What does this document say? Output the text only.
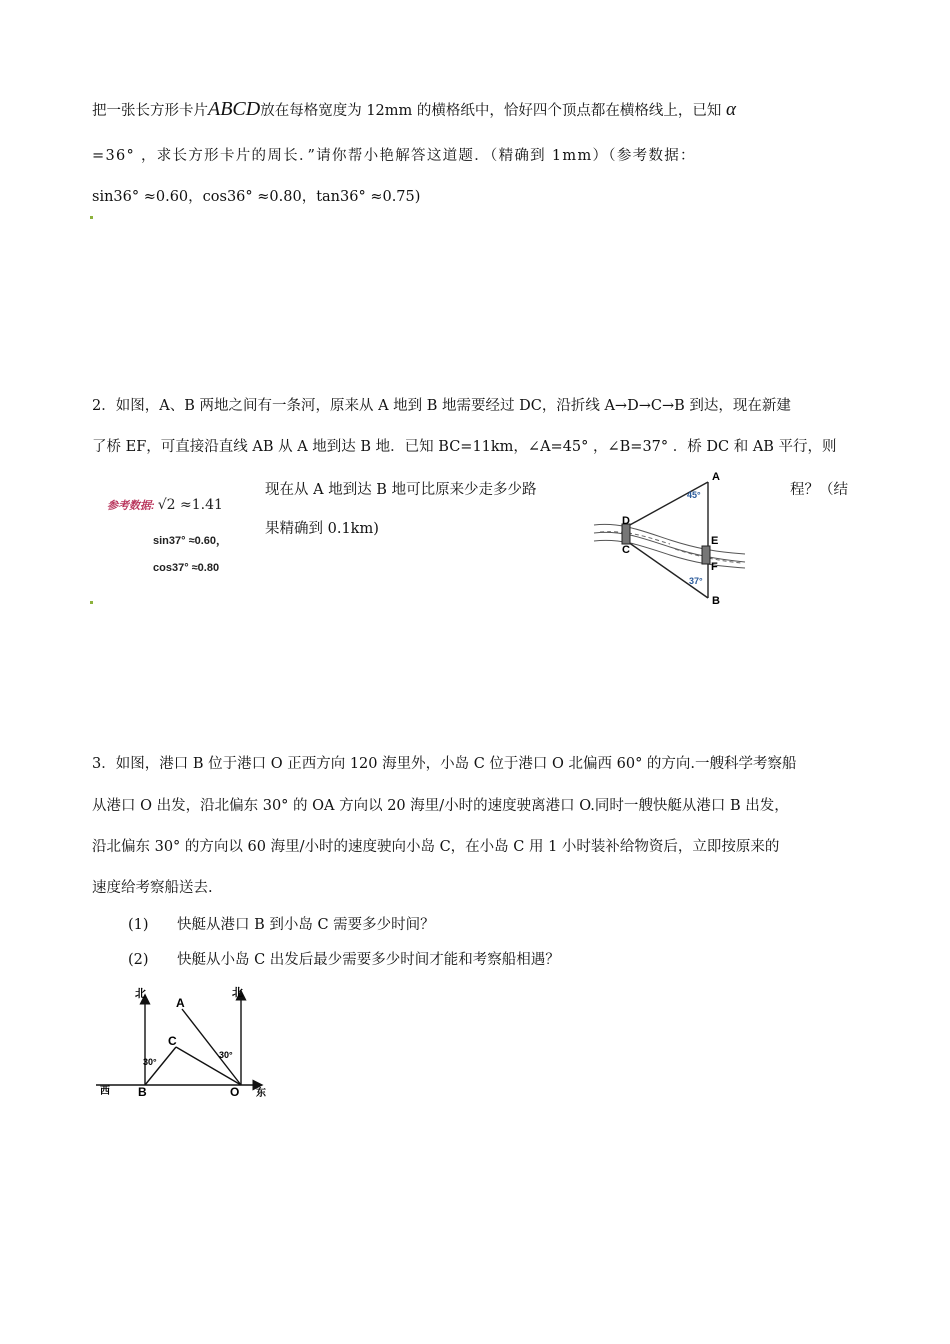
把一张长方形卡片ABCD放在每格宽度为 12mm 的横格纸中，恰好四个顶点都在横格线上，已知 α
=36° ，求长方形卡片的周长．”请你帮小艳解答这道题．（精确到 1mm）（参考数据：
sin36° ≈0.60，cos36° ≈0.80，tan36° ≈0.75)
2．如图，A、B 两地之间有一条河，原来从 A 地到 B 地需要经过 DC，沿折线 A→D→C→B 到达，现在新建
了桥 EF，可直接沿直线 AB 从 A 地到达 B 地．已知 BC=11km，∠A=45° ，∠B=37° ．桥 DC 和 AB 平行，则
现在从 A 地到达 B 地可比原来少走多少路	程？（结
果精确到 0.1km)
参考数据: √2 ≈1.41
sin37° ≈0.60，
cos37° ≈0.80
A
B
C
D
E
F
45°
37°
3．如图，港口 B 位于港口 O 正西方向 120 海里外，小岛 C 位于港口 O 北偏西 60° 的方向.一艘科学考察船
从港口 O 出发，沿北偏东 30° 的 OA 方向以 20 海里/小时的速度驶离港口 O.同时一艘快艇从港口 B 出发，
沿北偏东 30° 的方向以 60 海里/小时的速度驶向小岛 C，在小岛 C 用 1 小时装补给物资后，立即按原来的
速度给考察船送去.
(1) 快艇从港口 B 到小岛 C 需要多少时间？
(2) 快艇从小岛 C 出发后最少需要多少时间才能和考察船相遇？
北	北
西	东
A
B
C
O
30°
30°
